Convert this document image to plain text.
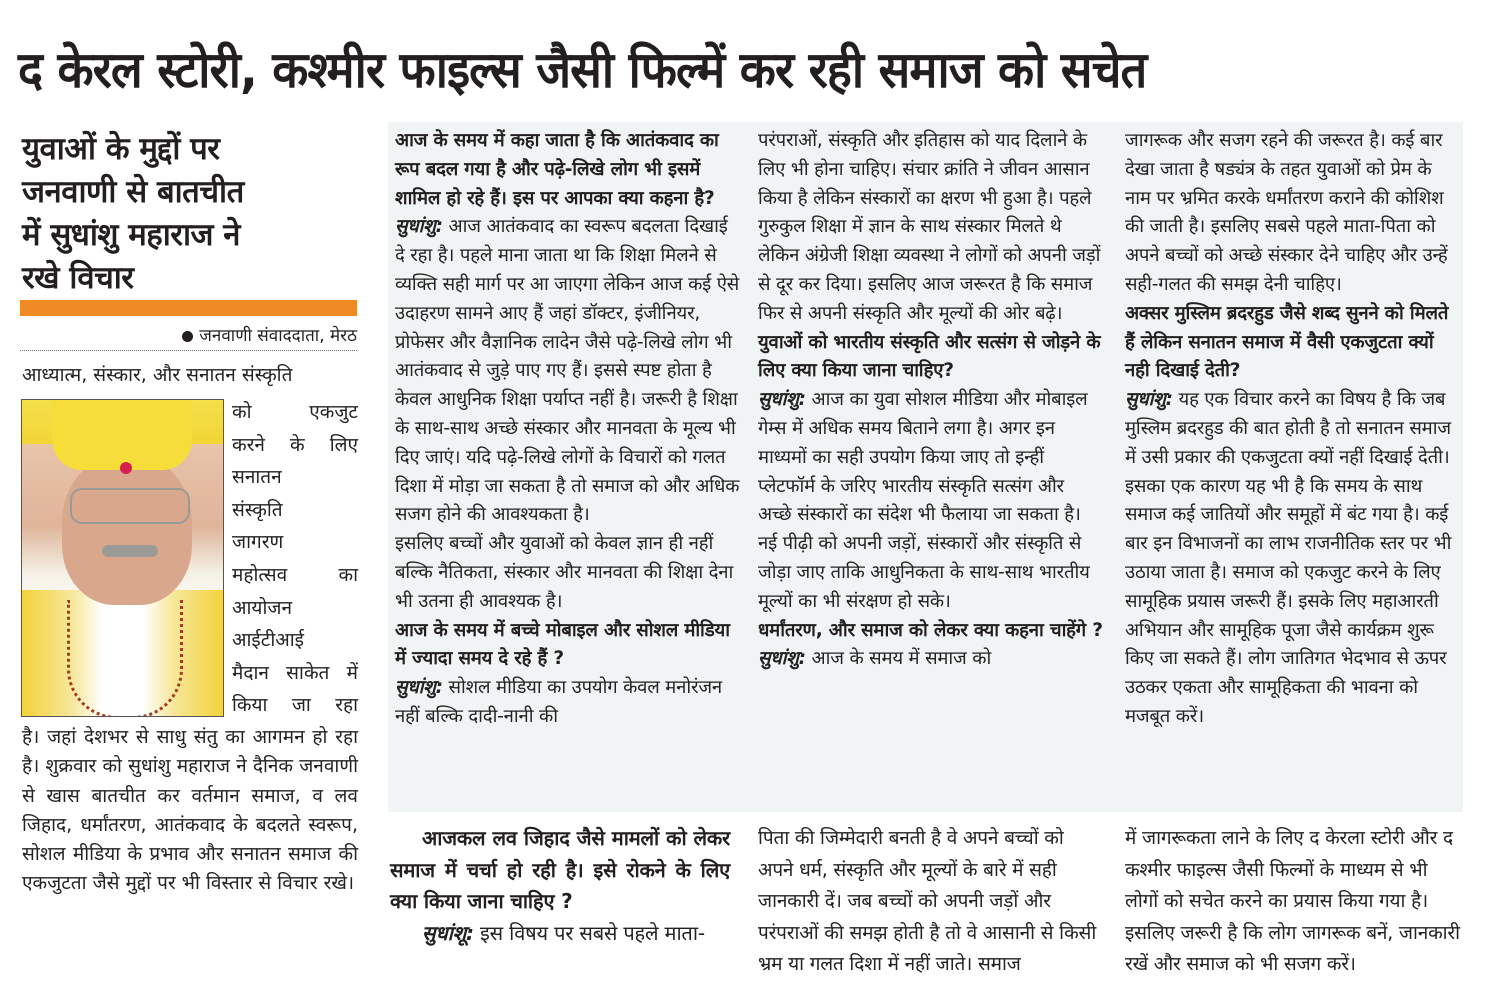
द केरल स्टोरी, कश्मीर फाइल्स जैसी फिल्में कर रही समाज को सचेत
युवाओं के मुद्दों पर
जनवाणी से बातचीत
में सुधांशु महाराज ने
रखे विचार
जनवाणी संवाददाता, मेरठ
आध्यात्म, संस्कार, और सनातन संस्कृति
को एकजुट
करने के लिए
सनातन
संस्कृति
जागरण
महोत्सव का
आयोजन
आईटीआई
मैदान साकेत में
किया जा रहा
है। जहां देशभर से साधु संतु का आगमन हो रहा है। शुक्रवार को सुधांशु महाराज ने दैनिक जनवाणी से खास बातचीत कर वर्तमान समाज, व लव जिहाद, धर्मांतरण, आतंकवाद के बदलते स्वरूप, सोशल मीडिया के प्रभाव और सनातन समाज की एकजुटता जैसे मुद्दों पर भी विस्तार से विचार रखे।

आज के समय में कहा जाता है कि आतंकवाद का रूप बदल गया है और पढ़े-लिखे लोग भी इसमें शामिल हो रहे हैं। इस पर आपका क्या कहना है?

सुधांशु: आज आतंकवाद का स्वरूप बदलता दिखाई दे रहा है। पहले माना जाता था कि शिक्षा मिलने से व्यक्ति सही मार्ग पर आ जाएगा लेकिन आज कई ऐसे उदाहरण सामने आए हैं जहां डॉक्टर, इंजीनियर, प्रोफेसर और वैज्ञानिक लादेन जैसे पढ़े-लिखे लोग भी आतंकवाद से जुड़े पाए गए हैं। इससे स्पष्ट होता है केवल आधुनिक शिक्षा पर्याप्त नहीं है। जरूरी है शिक्षा के साथ-साथ अच्छे संस्कार और मानवता के मूल्य भी दिए जाएं। यदि पढ़े-लिखे लोगों के विचारों को गलत दिशा में मोड़ा जा सकता है तो समाज को और अधिक सजग होने की आवश्यकता है।

इसलिए बच्चों और युवाओं को केवल ज्ञान ही नहीं बल्कि नैतिकता, संस्कार और मानवता की शिक्षा देना भी उतना ही आवश्यक है।

आज के समय में बच्चे मोबाइल और सोशल मीडिया में ज्यादा समय दे रहे हैं ?

सुधांशु: सोशल मीडिया का उपयोग केवल मनोरंजन नहीं बल्कि दादी-नानी की

परंपराओं, संस्कृति और इतिहास को याद दिलाने के लिए भी होना चाहिए। संचार क्रांति ने जीवन आसान किया है लेकिन संस्कारों का क्षरण भी हुआ है। पहले गुरुकुल शिक्षा में ज्ञान के साथ संस्कार मिलते थे लेकिन अंग्रेजी शिक्षा व्यवस्था ने लोगों को अपनी जड़ों से दूर कर दिया। इसलिए आज जरूरत है कि समाज फिर से अपनी संस्कृति और मूल्यों की ओर बढ़े।

युवाओं को भारतीय संस्कृति और सत्संग से जोड़ने के लिए क्या किया जाना चाहिए?

सुधांशु: आज का युवा सोशल मीडिया और मोबाइल गेम्स में अधिक समय बिताने लगा है। अगर इन माध्यमों का सही उपयोग किया जाए तो इन्हीं प्लेटफॉर्म के जरिए भारतीय संस्कृति सत्संग और अच्छे संस्कारों का संदेश भी फैलाया जा सकता है। नई पीढ़ी को अपनी जड़ों, संस्कारों और संस्कृति से जोड़ा जाए ताकि आधुनिकता के साथ-साथ भारतीय मूल्यों का भी संरक्षण हो सके।

धर्मांतरण, और समाज को लेकर क्या कहना चाहेंगे ?

सुधांशु: आज के समय में समाज को

जागरूक और सजग रहने की जरूरत है। कई बार देखा जाता है षड्यंत्र के तहत युवाओं को प्रेम के नाम पर भ्रमित करके धर्मांतरण कराने की कोशिश की जाती है। इसलिए सबसे पहले माता-पिता को अपने बच्चों को अच्छे संस्कार देने चाहिए और उन्हें सही-गलत की समझ देनी चाहिए।

अक्सर मुस्लिम ब्रदरहुड जैसे शब्द सुनने को मिलते हैं लेकिन सनातन समाज में वैसी एकजुटता क्यों नही दिखाई देती?

सुधांशु: यह एक विचार करने का विषय है कि जब मुस्लिम ब्रदरहुड की बात होती है तो सनातन समाज में उसी प्रकार की एकजुटता क्यों नहीं दिखाई देती। इसका एक कारण यह भी है कि समय के साथ समाज कई जातियों और समूहों में बंट गया है। कई बार इन विभाजनों का लाभ राजनीतिक स्तर पर भी उठाया जाता है। समाज को एकजुट करने के लिए सामूहिक प्रयास जरूरी हैं। इसके लिए महाआरती अभियान और सामूहिक पूजा जैसे कार्यक्रम शुरू किए जा सकते हैं। लोग जातिगत भेदभाव से ऊपर उठकर एकता और सामूहिकता की भावना को मजबूत करें।

आजकल लव जिहाद जैसे मामलों को लेकर समाज में चर्चा हो रही है। इसे रोकने के लिए क्या किया जाना चाहिए ?

सुधांशू: इस विषय पर सबसे पहले माता-

पिता की जिम्मेदारी बनती है वे अपने बच्चों को अपने धर्म, संस्कृति और मूल्यों के बारे में सही जानकारी दें। जब बच्चों को अपनी जड़ों और परंपराओं की समझ होती है तो वे आसानी से किसी भ्रम या गलत दिशा में नहीं जाते। समाज

में जागरूकता लाने के लिए द केरला स्टोरी और द कश्मीर फाइल्स जैसी फिल्मों के माध्यम से भी लोगों को सचेत करने का प्रयास किया गया है। इसलिए जरूरी है कि लोग जागरूक बनें, जानकारी रखें और समाज को भी सजग करें।
